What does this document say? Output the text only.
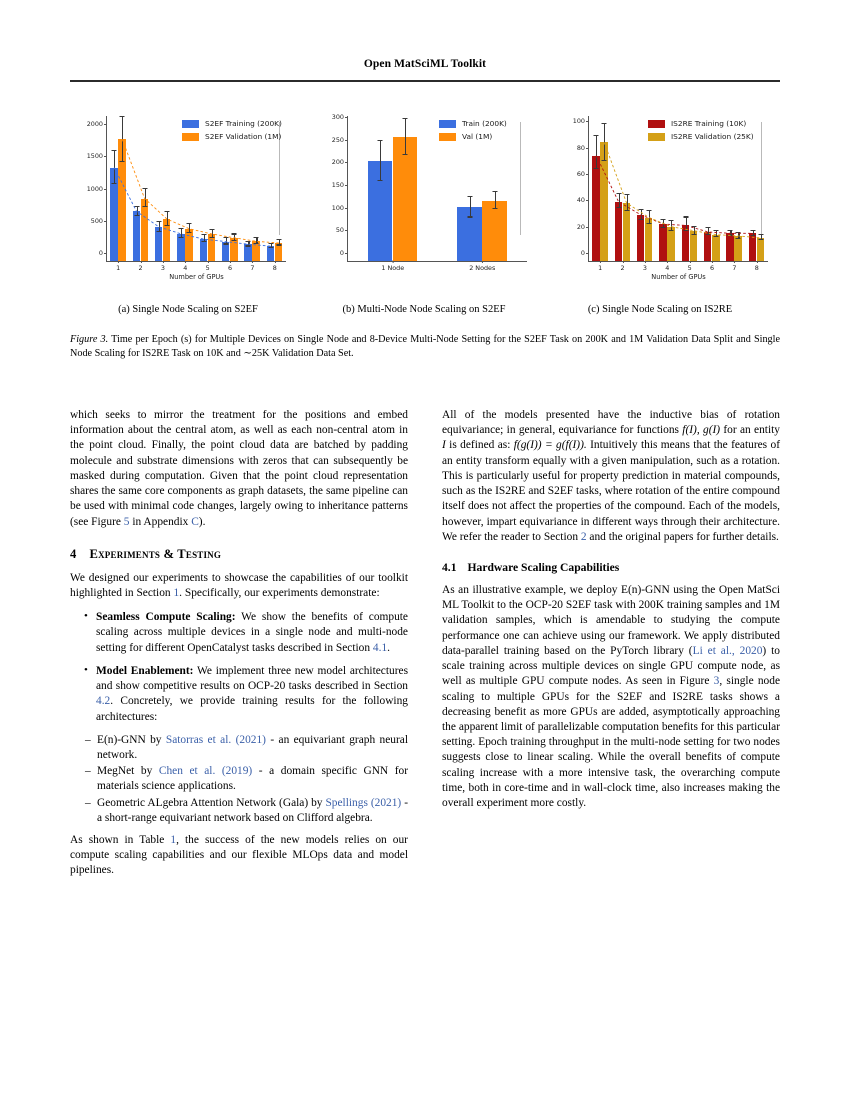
Open MatSciML Toolkit
0
500
1000
1500
2000
1	2	3	4	5	6	7	8
Number of GPUs
S2EF Training (200K)
S2EF Validation (1M)
0
50
100
150
200
250
300
1 Node	2 Nodes
Train (200K)
Val (1M)
0
20
40
60
80
100
1	2	3	4	5	6	7	8
Number of GPUs
IS2RE Training (10K)
IS2RE Validation (25K)
(a) Single Node Scaling on S2EF	(b) Multi-Node Node Scaling on S2EF	(c) Single Node Scaling on IS2RE
Figure 3. Time per Epoch (s) for Multiple Devices on Single Node and 8-Device Multi-Node Setting for the S2EF Task on 200K and 1M Validation Data Split and Single Node Scaling for IS2RE Task on 10K and ∼25K Validation Data Set.

which seeks to mirror the treatment for the positions and embed information about the central atom, as well as each non-central atom in the point cloud. Finally, the point cloud data are batched by padding molecule and substrate dimensions with zeros that can subsequently be masked during computation. Given that the point cloud representation shares the same core components as graph datasets, the same pipeline can be used with minimal code changes, largely owing to inheritance patterns (see Figure 5 in Appendix C).

4 Experiments & Testing

We designed our experiments to showcase the capabilities of our toolkit highlighted in Section 1. Specifically, our experiments demonstrate:

• Seamless Compute Scaling: We show the benefits of compute scaling across multiple devices in a single node and multi-node setting for different OpenCatalyst tasks described in Section 4.1.
• Model Enablement: We implement three new model architectures and show competitive results on OCP-20 tasks described in Section 4.2. Concretely, we provide training results for the following architectures:
– E(n)-GNN by Satorras et al. (2021) - an equivariant graph neural network.
– MegNet by Chen et al. (2019) - a domain specific GNN for materials science applications.
– Geometric ALgebra Attention Network (Gala) by Spellings (2021) - a short-range equivariant network based on Clifford algebra.

As shown in Table 1, the success of the new models relies on our compute scaling capabilities and our flexible MLOps data and model pipelines.

All of the models presented have the inductive bias of rotation equivariance; in general, equivariance for functions f(I), g(I) for an entity I is defined as: f(g(I)) = g(f(I)). Intuitively this means that the features of an entity transform equally with a given manipulation, such as a rotation. This is particularly useful for property prediction in material compounds, such as the IS2RE and S2EF tasks, where rotation of the entire compound itself does not affect the properties of the compound. Each of the models, however, impart equivariance in different ways through their architecture. We refer the reader to Section 2 and the original papers for further details.

4.1 Hardware Scaling Capabilities

As an illustrative example, we deploy E(n)-GNN using the Open MatSci ML Toolkit to the OCP-20 S2EF task with 200K training samples and 1M validation samples, which is amendable to studying the compute performance one can achieve using our framework. We apply distributed data-parallel training based on the PyTorch library (Li et al., 2020) to scale training across multiple devices on single GPU compute node, as well as multiple GPU compute nodes. As seen in Figure 3, single node scaling to multiple GPUs for the S2EF and IS2RE tasks shows a decreasing benefit as more GPUs are added, asymptotically approaching the apparent limit of parallelizable computation benefits for this particular setting. Epoch training throughput in the multi-node setting for two nodes suggests close to linear scaling. While the overall benefits of compute scaling increase with a more intensive task, the overarching compute time, both in core-time and in wall-clock time, also increases making the overall experiment more costly.
